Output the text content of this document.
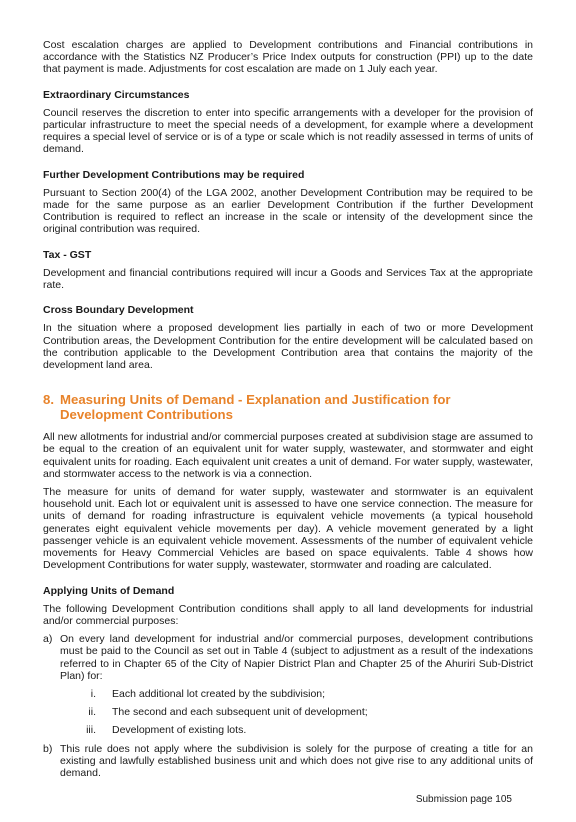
Cost escalation charges are applied to Development contributions and Financial contributions in accordance with the Statistics NZ Producer’s Price Index outputs for construction (PPI) up to the date that payment is made. Adjustments for cost escalation are made on 1 July each year.

Extraordinary Circumstances

Council reserves the discretion to enter into specific arrangements with a developer for the provision of particular infrastructure to meet the special needs of a development, for example where a development requires a special level of service or is of a type or scale which is not readily assessed in terms of units of demand.

Further Development Contributions may be required

Pursuant to Section 200(4) of the LGA 2002, another Development Contribution may be required to be made for the same purpose as an earlier Development Contribution if the further Development Contribution is required to reflect an increase in the scale or intensity of the development since the original contribution was required.

Tax - GST

Development and financial contributions required will incur a Goods and Services Tax at the appropriate rate.

Cross Boundary Development

In the situation where a proposed development lies partially in each of two or more Development Contribution areas, the Development Contribution for the entire development will be calculated based on the contribution applicable to the Development Contribution area that contains the majority of the development land area.

8. Measuring Units of Demand - Explanation and Justification for Development Contributions

All new allotments for industrial and/or commercial purposes created at subdivision stage are assumed to be equal to the creation of an equivalent unit for water supply, wastewater, and stormwater and eight equivalent units for roading. Each equivalent unit creates a unit of demand. For water supply, wastewater, and stormwater access to the network is via a connection.

The measure for units of demand for water supply, wastewater and stormwater is an equivalent household unit. Each lot or equivalent unit is assessed to have one service connection. The measure for units of demand for roading infrastructure is equivalent vehicle movements (a typical household generates eight equivalent vehicle movements per day). A vehicle movement generated by a light passenger vehicle is an equivalent vehicle movement. Assessments of the number of equivalent vehicle movements for Heavy Commercial Vehicles are based on space equivalents. Table 4 shows how Development Contributions for water supply, wastewater, stormwater and roading are calculated.

Applying Units of Demand

The following Development Contribution conditions shall apply to all land developments for industrial and/or commercial purposes:

a) On every land development for industrial and/or commercial purposes, development contributions must be paid to the Council as set out in Table 4 (subject to adjustment as a result of the indexations referred to in Chapter 65 of the City of Napier District Plan and Chapter 25 of the Ahuriri Sub-District Plan) for:
i.	Each additional lot created by the subdivision;
ii.	The second and each subsequent unit of development;
iii.	Development of existing lots.
b) This rule does not apply where the subdivision is solely for the purpose of creating a title for an existing and lawfully established business unit and which does not give rise to any additional units of demand.
Submission page 105
